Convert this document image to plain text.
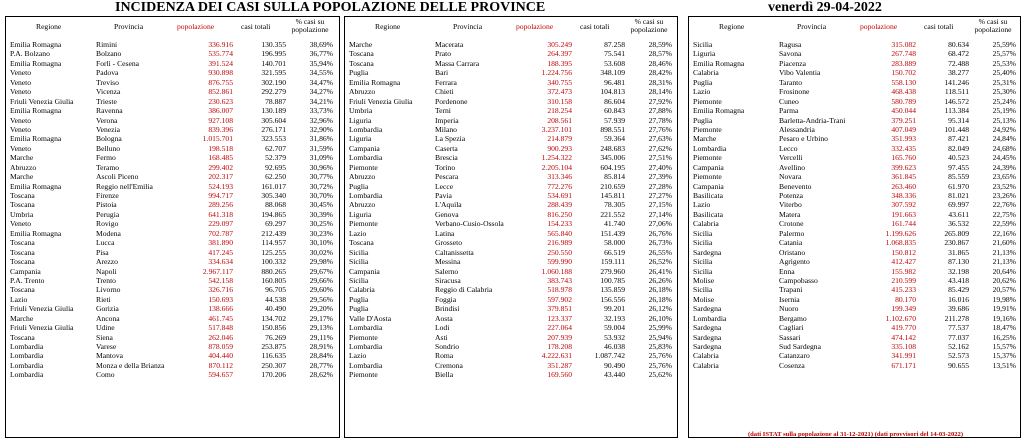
INCIDENZA DEI CASI SULLA POPOLAZIONE DELLE PROVINCE	venerdì 29-04-2022
Regione	Provincia	popolazione	casi totali
% casi su popolazione
Emilia Romagna	Rimini	336.916	130.355	38,69%
P.A. Bolzano	Bolzano	535.774	196.995	36,77%
Emilia Romagna	Forlì - Cesena	391.524	140.701	35,94%
Veneto	Padova	930.898	321.595	34,55%
Veneto	Treviso	876.755	302.190	34,47%
Veneto	Vicenza	852.861	292.279	34,27%
Friuli Venezia Giulia	Trieste	230.623	78.887	34,21%
Emilia Romagna	Ravenna	386.007	130.189	33,73%
Veneto	Verona	927.108	305.604	32,96%
Veneto	Venezia	839.396	276.171	32,90%
Emilia Romagna	Bologna	1.015.701	323.553	31,86%
Veneto	Belluno	198.518	62.707	31,59%
Marche	Fermo	168.485	52.379	31,09%
Abruzzo	Teramo	299.402	92.695	30,96%
Marche	Ascoli Piceno	202.317	62.250	30,77%
Emilia Romagna	Reggio nell'Emilia	524.193	161.017	30,72%
Toscana	Firenze	994.717	305.340	30,70%
Toscana	Pistoia	289.256	88.068	30,45%
Umbria	Perugia	641.318	194.865	30,39%
Veneto	Rovigo	229.097	69.297	30,25%
Emilia Romagna	Modena	702.787	212.439	30,23%
Toscana	Lucca	381.890	114.957	30,10%
Toscana	Pisa	417.245	125.255	30,02%
Toscana	Arezzo	334.634	100.332	29,98%
Campania	Napoli	2.967.117	880.265	29,67%
P.A. Trento	Trento	542.158	160.805	29,66%
Toscana	Livorno	326.716	96.705	29,60%
Lazio	Rieti	150.693	44.538	29,56%
Friuli Venezia Giulia	Gorizia	138.666	40.490	29,20%
Marche	Ancona	461.745	134.702	29,17%
Friuli Venezia Giulia	Udine	517.848	150.856	29,13%
Toscana	Siena	262.046	76.269	29,11%
Lombardia	Varese	878.059	253.875	28,91%
Lombardia	Mantova	404.440	116.635	28,84%
Lombardia	Monza e della Brianza	870.112	250.307	28,77%
Lombardia	Como	594.657	170.206	28,62%
Regione	Provincia	popolazione	casi totali
% casi su popolazione
Marche	Macerata	305.249	87.258	28,59%
Toscana	Prato	264.397	75.541	28,57%
Toscana	Massa Carrara	188.395	53.608	28,46%
Puglia	Bari	1.224.756	348.109	28,42%
Emilia Romagna	Ferrara	340.755	96.481	28,31%
Abruzzo	Chieti	372.473	104.813	28,14%
Friuli Venezia Giulia	Pordenone	310.158	86.604	27,92%
Umbria	Terni	218.254	60.843	27,88%
Liguria	Imperia	208.561	57.939	27,78%
Lombardia	Milano	3.237.101	898.551	27,76%
Liguria	La Spezia	214.879	59.364	27,63%
Campania	Caserta	900.293	248.683	27,62%
Lombardia	Brescia	1.254.322	345.006	27,51%
Piemonte	Torino	2.205.104	604.195	27,40%
Abruzzo	Pescara	313.346	85.814	27,39%
Puglia	Lecce	772.276	210.659	27,28%
Lombardia	Pavia	534.691	145.811	27,27%
Abruzzo	L'Aquila	288.439	78.305	27,15%
Liguria	Genova	816.250	221.552	27,14%
Piemonte	Verbano-Cusio-Ossola	154.233	41.740	27,06%
Lazio	Latina	565.840	151.439	26,76%
Toscana	Grosseto	216.989	58.000	26,73%
Sicilia	Caltanissetta	250.550	66.519	26,55%
Sicilia	Messina	599.990	159.111	26,52%
Campania	Salerno	1.060.188	279.960	26,41%
Sicilia	Siracusa	383.743	100.785	26,26%
Calabria	Reggio di Calabria	518.978	135.859	26,18%
Puglia	Foggia	597.902	156.556	26,18%
Puglia	Brindisi	379.851	99.201	26,12%
Valle D'Aosta	Aosta	123.337	32.193	26,10%
Lombardia	Lodi	227.064	59.004	25,99%
Piemonte	Asti	207.939	53.932	25,94%
Lombardia	Sondrio	178.208	46.038	25,83%
Lazio	Roma	4.222.631	1.087.742	25,76%
Lombardia	Cremona	351.287	90.490	25,76%
Piemonte	Biella	169.560	43.440	25,62%
Regione	Provincia	popolazione	casi totali
% casi su popolazione
Sicilia	Ragusa	315.082	80.634	25,59%
Liguria	Savona	267.748	68.472	25,57%
Emilia Romagna	Piacenza	283.889	72.488	25,53%
Calabria	Vibo Valentia	150.702	38.277	25,40%
Puglia	Taranto	558.130	141.246	25,31%
Lazio	Frosinone	468.438	118.511	25,30%
Piemonte	Cuneo	580.789	146.572	25,24%
Emilia Romagna	Parma	450.044	113.384	25,19%
Puglia	Barletta-Andria-Trani	379.251	95.314	25,13%
Piemonte	Alessandria	407.049	101.448	24,92%
Marche	Pesaro e Urbino	351.993	87.421	24,84%
Lombardia	Lecco	332.435	82.049	24,68%
Piemonte	Vercelli	165.760	40.523	24,45%
Campania	Avellino	399.623	97.455	24,39%
Piemonte	Novara	361.845	85.559	23,65%
Campania	Benevento	263.460	61.970	23,52%
Basilicata	Potenza	348.336	81.021	23,26%
Lazio	Viterbo	307.592	69.997	22,76%
Basilicata	Matera	191.663	43.611	22,75%
Calabria	Crotone	161.744	36.532	22,59%
Sicilia	Palermo	1.199.626	265.809	22,16%
Sicilia	Catania	1.068.835	230.867	21,60%
Sardegna	Oristano	150.812	31.865	21,13%
Sicilia	Agrigento	412.427	87.130	21,13%
Sicilia	Enna	155.982	32.198	20,64%
Molise	Campobasso	210.599	43.418	20,62%
Sicilia	Trapani	415.233	85.429	20,57%
Molise	Isernia	80.170	16.016	19,98%
Sardegna	Nuoro	199.349	39.686	19,91%
Lombardia	Bergamo	1.102.670	211.278	19,16%
Sardegna	Cagliari	419.770	77.537	18,47%
Sardegna	Sassari	474.142	77.037	16,25%
Sardegna	Sud Sardegna	335.108	52.162	15,57%
Calabria	Catanzaro	341.991	52.573	15,37%
Calabria	Cosenza	671.171	90.655	13,51%
(dati ISTAT sulla popolazione al 31-12-2021) (dati provvisori del 14-03-2022)
